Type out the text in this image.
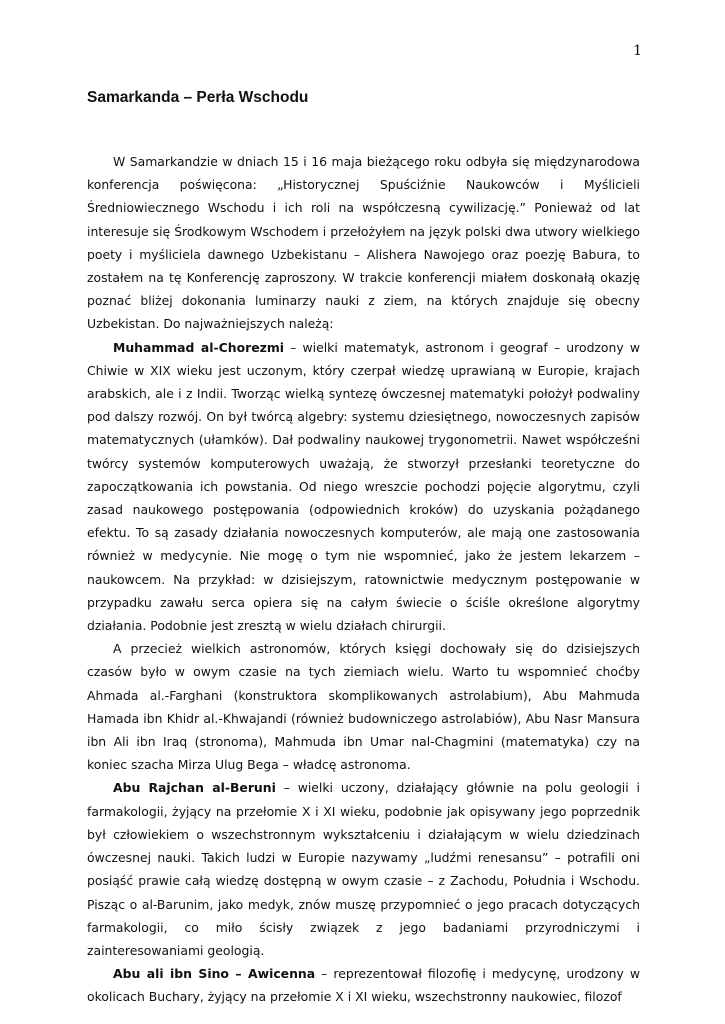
1
Samarkanda – Perła Wschodu

W Samarkandzie w dniach 15 i 16 maja bieżącego roku odbyła się międzynarodowa konferencja poświęcona: „Historycznej Spuściźnie Naukowców i Myślicieli Średniowiecznego Wschodu i ich roli na współczesną cywilizację.” Ponieważ od lat interesuje się Środkowym Wschodem i przełożyłem na język polski dwa utwory wielkiego poety i myśliciela dawnego Uzbekistanu – Alishera Nawojego oraz poezję Babura, to zostałem na tę Konferencję zaproszony. W trakcie konferencji miałem doskonałą okazję poznać bliżej dokonania luminarzy nauki z ziem, na których znajduje się obecny Uzbekistan. Do najważniejszych należą:

Muhammad al-Chorezmi – wielki matematyk, astronom i geograf – urodzony w Chiwie w XIX wieku jest uczonym, który czerpał wiedzę uprawianą w Europie, krajach arabskich, ale i z Indii. Tworząc wielką syntezę ówczesnej matematyki położył podwaliny pod dalszy rozwój. On był twórcą algebry: systemu dziesiętnego, nowoczesnych zapisów matematycznych (ułamków). Dał podwaliny naukowej trygonometrii. Nawet współcześni twórcy systemów komputerowych uważają, że stworzył przesłanki teoretyczne do zapoczątkowania ich powstania. Od niego wreszcie pochodzi pojęcie algorytmu, czyli zasad naukowego postępowania (odpowiednich kroków) do uzyskania pożądanego efektu. To są zasady działania nowoczesnych komputerów, ale mają one zastosowania również w medycynie. Nie mogę o tym nie wspomnieć, jako że jestem lekarzem – naukowcem. Na przykład: w dzisiejszym, ratownictwie medycznym postępowanie w przypadku zawału serca opiera się na całym świecie o ściśle określone algorytmy działania. Podobnie jest zresztą w wielu działach chirurgii.

A przecież wielkich astronomów, których księgi dochowały się do dzisiejszych czasów było w owym czasie na tych ziemiach wielu. Warto tu wspomnieć choćby Ahmada al.-Farghani (konstruktora skomplikowanych astrolabium), Abu Mahmuda Hamada ibn Khidr al.-Khwajandi (również budowniczego astrolabiów), Abu Nasr Mansura ibn Ali ibn Iraq (stronoma), Mahmuda ibn Umar nal-Chagmini (matematyka) czy na koniec szacha Mirza Ulug Bega – władcę astronoma.

Abu Rajchan al-Beruni – wielki uczony, działający głównie na polu geologii i farmakologii, żyjący na przełomie X i XI wieku, podobnie jak opisywany jego poprzednik był człowiekiem o wszechstronnym wykształceniu i działającym w wielu dziedzinach ówczesnej nauki. Takich ludzi w Europie nazywamy „ludźmi renesansu” – potrafili oni posiąść prawie całą wiedzę dostępną w owym czasie – z Zachodu, Południa i Wschodu. Pisząc o al-Barunim, jako medyk, znów muszę przypomnieć o jego pracach dotyczących farmakologii, co miło ścisły związek z jego badaniami przyrodniczymi i zainteresowaniami geologią.

Abu ali ibn Sino – Awicenna – reprezentował filozofię i medycynę, urodzony w okolicach Buchary, żyjący na przełomie X i XI wieku, wszechstronny naukowiec, filozof
